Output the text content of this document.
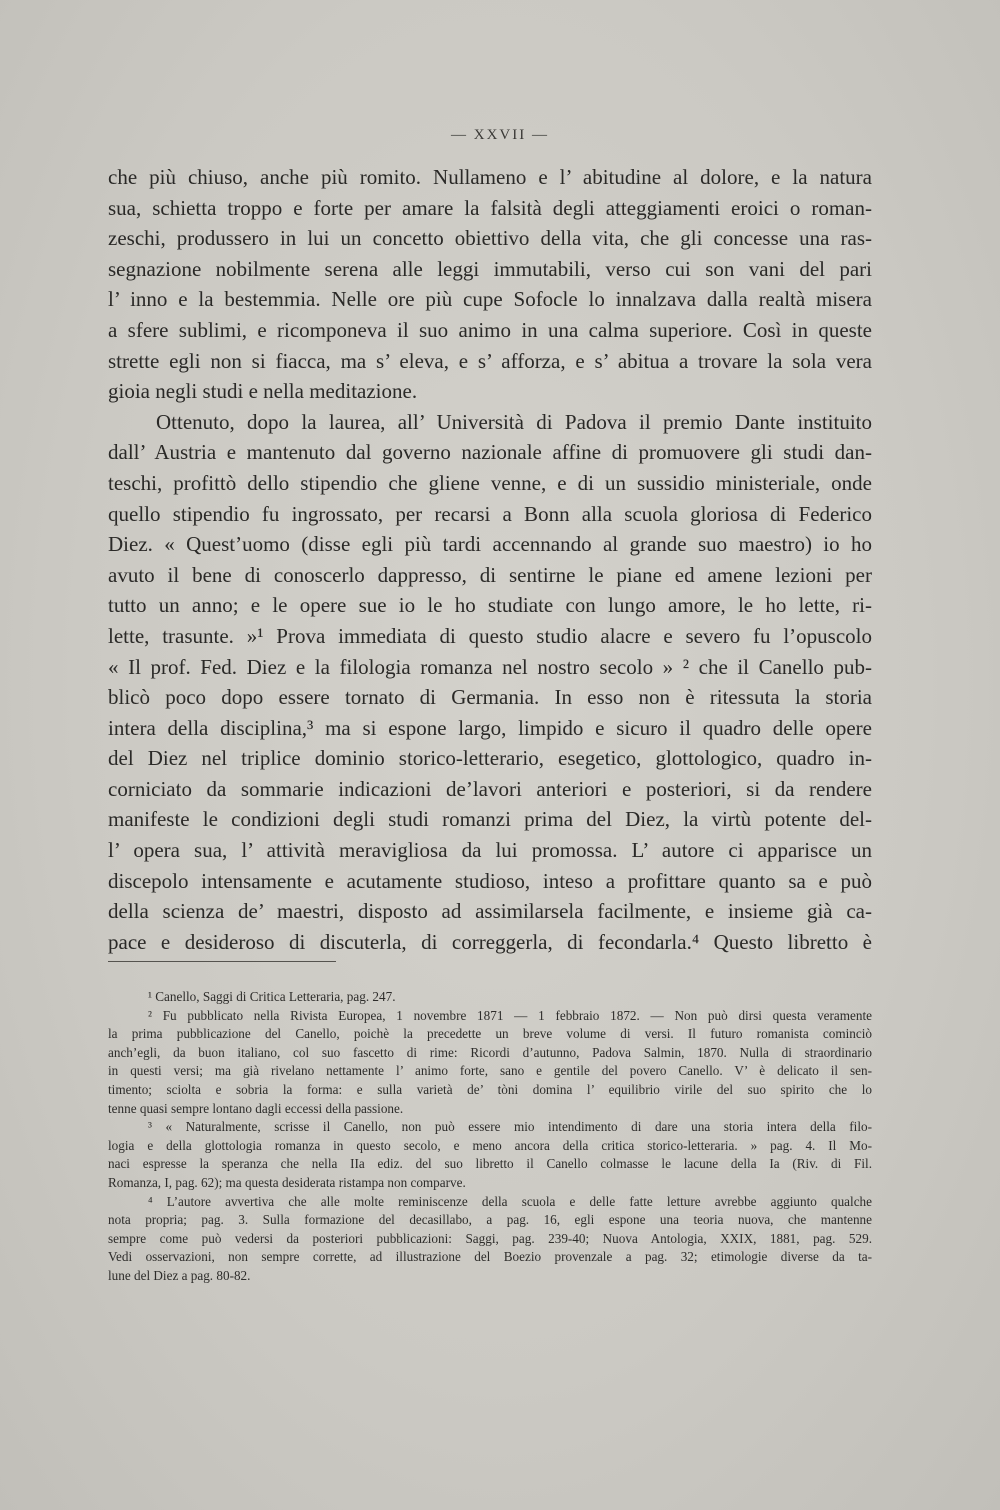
— XXVII —
che più chiuso, anche più romito. Nullameno e l’ abitudine al dolore, e la natura
sua, schietta troppo e forte per amare la falsità degli atteggiamenti eroici o roman-
zeschi, produssero in lui un concetto obiettivo della vita, che gli concesse una ras-
segnazione nobilmente serena alle leggi immutabili, verso cui son vani del pari
l’ inno e la bestemmia. Nelle ore più cupe Sofocle lo innalzava dalla realtà misera
a sfere sublimi, e ricomponeva il suo animo in una calma superiore. Così in queste
strette egli non si fiacca, ma s’ eleva, e s’ afforza, e s’ abitua a trovare la sola vera
gioia negli studi e nella meditazione.
Ottenuto, dopo la laurea, all’ Università di Padova il premio Dante instituito
dall’ Austria e mantenuto dal governo nazionale affine di promuovere gli studi dan-
teschi, profittò dello stipendio che gliene venne, e di un sussidio ministeriale, onde
quello stipendio fu ingrossato, per recarsi a Bonn alla scuola gloriosa di Federico
Diez. « Quest’uomo (disse egli più tardi accennando al grande suo maestro) io ho
avuto il bene di conoscerlo dappresso, di sentirne le piane ed amene lezioni per
tutto un anno; e le opere sue io le ho studiate con lungo amore, le ho lette, ri-
lette, trasunte. »¹ Prova immediata di questo studio alacre e severo fu l’opuscolo
« Il prof. Fed. Diez e la filologia romanza nel nostro secolo » ² che il Canello pub-
blicò poco dopo essere tornato di Germania. In esso non è ritessuta la storia
intera della disciplina,³ ma si espone largo, limpido e sicuro il quadro delle opere
del Diez nel triplice dominio storico-letterario, esegetico, glottologico, quadro in-
corniciato da sommarie indicazioni de’lavori anteriori e posteriori, si da rendere
manifeste le condizioni degli studi romanzi prima del Diez, la virtù potente del-
l’ opera sua, l’ attività meravigliosa da lui promossa. L’ autore ci apparisce un
discepolo intensamente e acutamente studioso, inteso a profittare quanto sa e può
della scienza de’ maestri, disposto ad assimilarsela facilmente, e insieme già ca-
pace e desideroso di discuterla, di correggerla, di fecondarla.⁴ Questo libretto è
¹ Canello, Saggi di Critica Letteraria, pag. 247.
² Fu pubblicato nella Rivista Europea, 1 novembre 1871 — 1 febbraio 1872. — Non può dirsi questa veramente
la prima pubblicazione del Canello, poichè la precedette un breve volume di versi. Il futuro romanista cominciò
anch’egli, da buon italiano, col suo fascetto di rime: Ricordi d’autunno, Padova Salmin, 1870. Nulla di straordinario
in questi versi; ma già rivelano nettamente l’ animo forte, sano e gentile del povero Canello. V’ è delicato il sen-
timento; sciolta e sobria la forma: e sulla varietà de’ tòni domina l’ equilibrio virile del suo spirito che lo
tenne quasi sempre lontano dagli eccessi della passione.
³ « Naturalmente, scrisse il Canello, non può essere mio intendimento di dare una storia intera della filo-
logia e della glottologia romanza in questo secolo, e meno ancora della critica storico-letteraria. » pag. 4. Il Mo-
naci espresse la speranza che nella IIa ediz. del suo libretto il Canello colmasse le lacune della Ia (Riv. di Fil.
Romanza, I, pag. 62); ma questa desiderata ristampa non comparve.
⁴ L’autore avvertiva che alle molte reminiscenze della scuola e delle fatte letture avrebbe aggiunto qualche
nota propria; pag. 3. Sulla formazione del decasillabo, a pag. 16, egli espone una teoria nuova, che mantenne
sempre come può vedersi da posteriori pubblicazioni: Saggi, pag. 239-40; Nuova Antologia, XXIX, 1881, pag. 529.
Vedi osservazioni, non sempre corrette, ad illustrazione del Boezio provenzale a pag. 32; etimologie diverse da ta-
lune del Diez a pag. 80-82.
